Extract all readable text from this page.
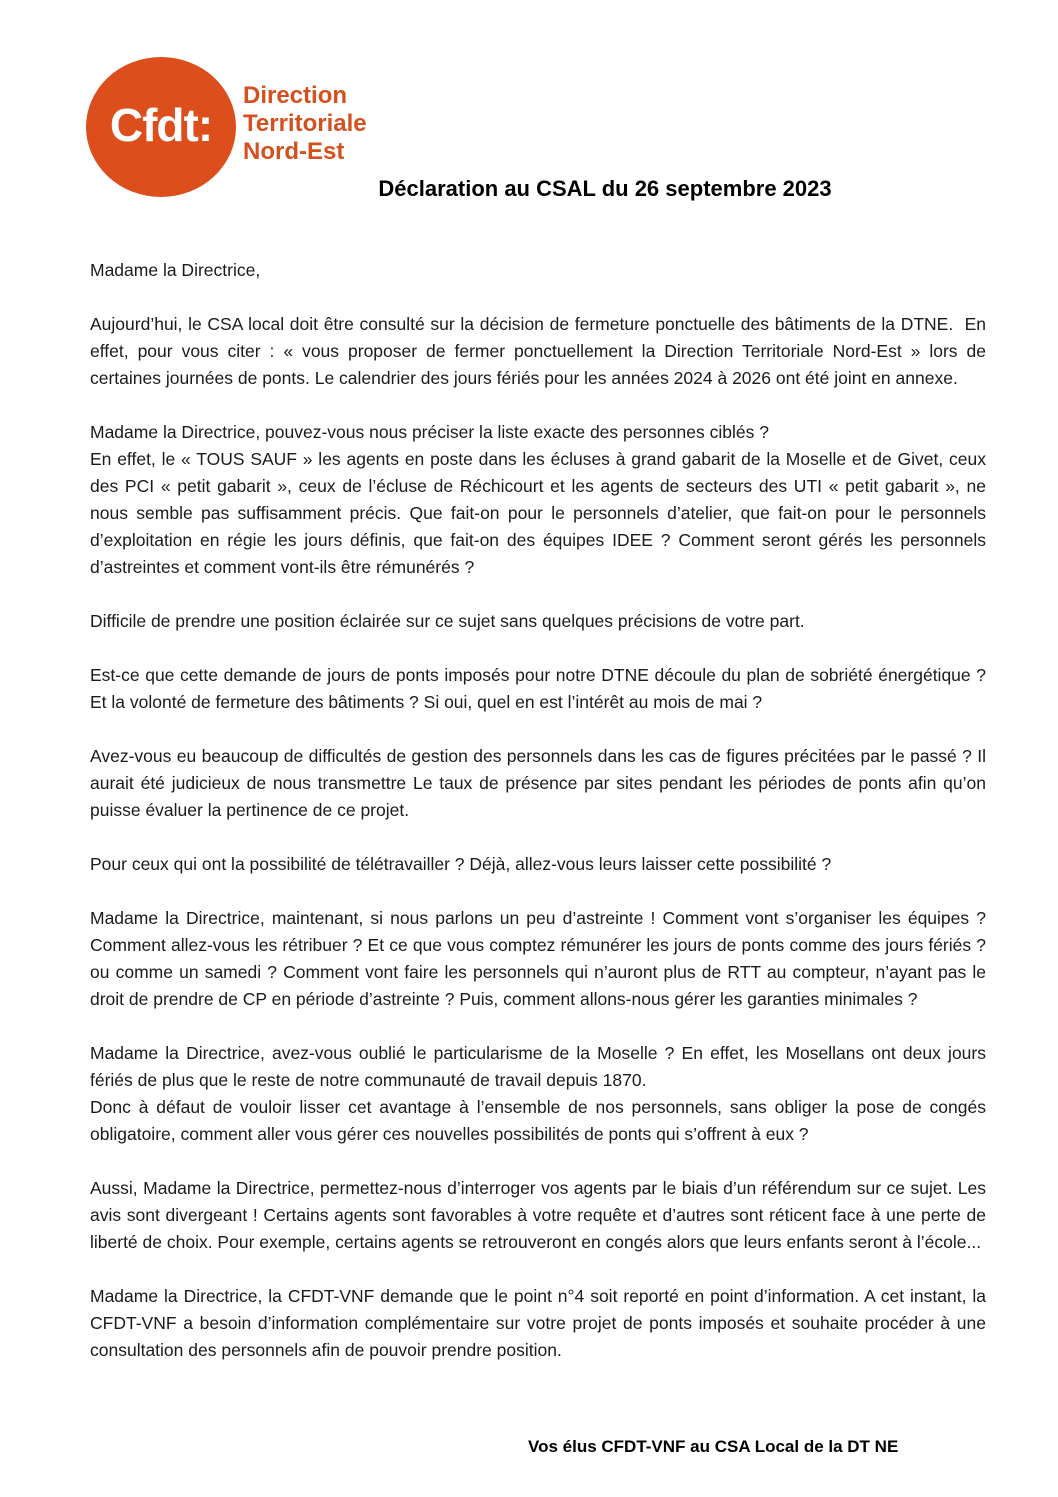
Cfdt:
Direction
Territoriale
Nord-Est
Déclaration au CSAL du 26 septembre 2023
Madame la Directrice,
Aujourd’hui, le CSA local doit être consulté sur la décision de fermeture ponctuelle des bâtiments de la DTNE.  En effet, pour vous citer : « vous proposer de fermer ponctuellement la Direction Territoriale Nord-Est » lors de certaines journées de ponts. Le calendrier des jours fériés pour les années 2024 à 2026 ont été joint en annexe.
Madame la Directrice, pouvez-vous nous préciser la liste exacte des personnes ciblés ?
En effet, le « TOUS SAUF » les agents en poste dans les écluses à grand gabarit de la Moselle et de Givet, ceux des PCI « petit gabarit », ceux de l’écluse de Réchicourt et les agents de secteurs des UTI « petit gabarit », ne nous semble pas suffisamment précis. Que fait-on pour le personnels d’atelier, que fait-on pour le personnels d’exploitation en régie les jours définis, que fait-on des équipes IDEE ? Comment seront gérés les personnels d’astreintes et comment vont-ils être rémunérés ?
Difficile de prendre une position éclairée sur ce sujet sans quelques précisions de votre part.
Est-ce que cette demande de jours de ponts imposés pour notre DTNE découle du plan de sobriété énergétique ? Et la volonté de fermeture des bâtiments ? Si oui, quel en est l’intérêt au mois de mai ?
Avez-vous eu beaucoup de difficultés de gestion des personnels dans les cas de figures précitées par le passé ? Il aurait été judicieux de nous transmettre Le taux de présence par sites pendant les périodes de ponts afin qu’on puisse évaluer la pertinence de ce projet.
Pour ceux qui ont la possibilité de télétravailler ? Déjà, allez-vous leurs laisser cette possibilité ?
Madame la Directrice, maintenant, si nous parlons un peu d’astreinte ! Comment vont s’organiser les équipes ? Comment allez-vous les rétribuer ? Et ce que vous comptez rémunérer les jours de ponts comme des jours fériés ? ou comme un samedi ? Comment vont faire les personnels qui n’auront plus de RTT au compteur, n’ayant pas le droit de prendre de CP en période d’astreinte ? Puis, comment allons-nous gérer les garanties minimales ?
Madame la Directrice, avez-vous oublié le particularisme de la Moselle ? En effet, les Mosellans ont deux jours fériés de plus que le reste de notre communauté de travail depuis 1870.
Donc à défaut de vouloir lisser cet avantage à l’ensemble de nos personnels, sans obliger la pose de congés obligatoire, comment aller vous gérer ces nouvelles possibilités de ponts qui s’offrent à eux ?
Aussi, Madame la Directrice, permettez-nous d’interroger vos agents par le biais d’un référendum sur ce sujet. Les avis sont divergeant ! Certains agents sont favorables à votre requête et d’autres sont réticent face à une perte de liberté de choix. Pour exemple, certains agents se retrouveront en congés alors que leurs enfants seront à l’école...
Madame la Directrice, la CFDT-VNF demande que le point n°4 soit reporté en point d’information. A cet instant, la CFDT-VNF a besoin d’information complémentaire sur votre projet de ponts imposés et souhaite procéder à une consultation des personnels afin de pouvoir prendre position.
Vos élus CFDT-VNF au CSA Local de la DT NE
